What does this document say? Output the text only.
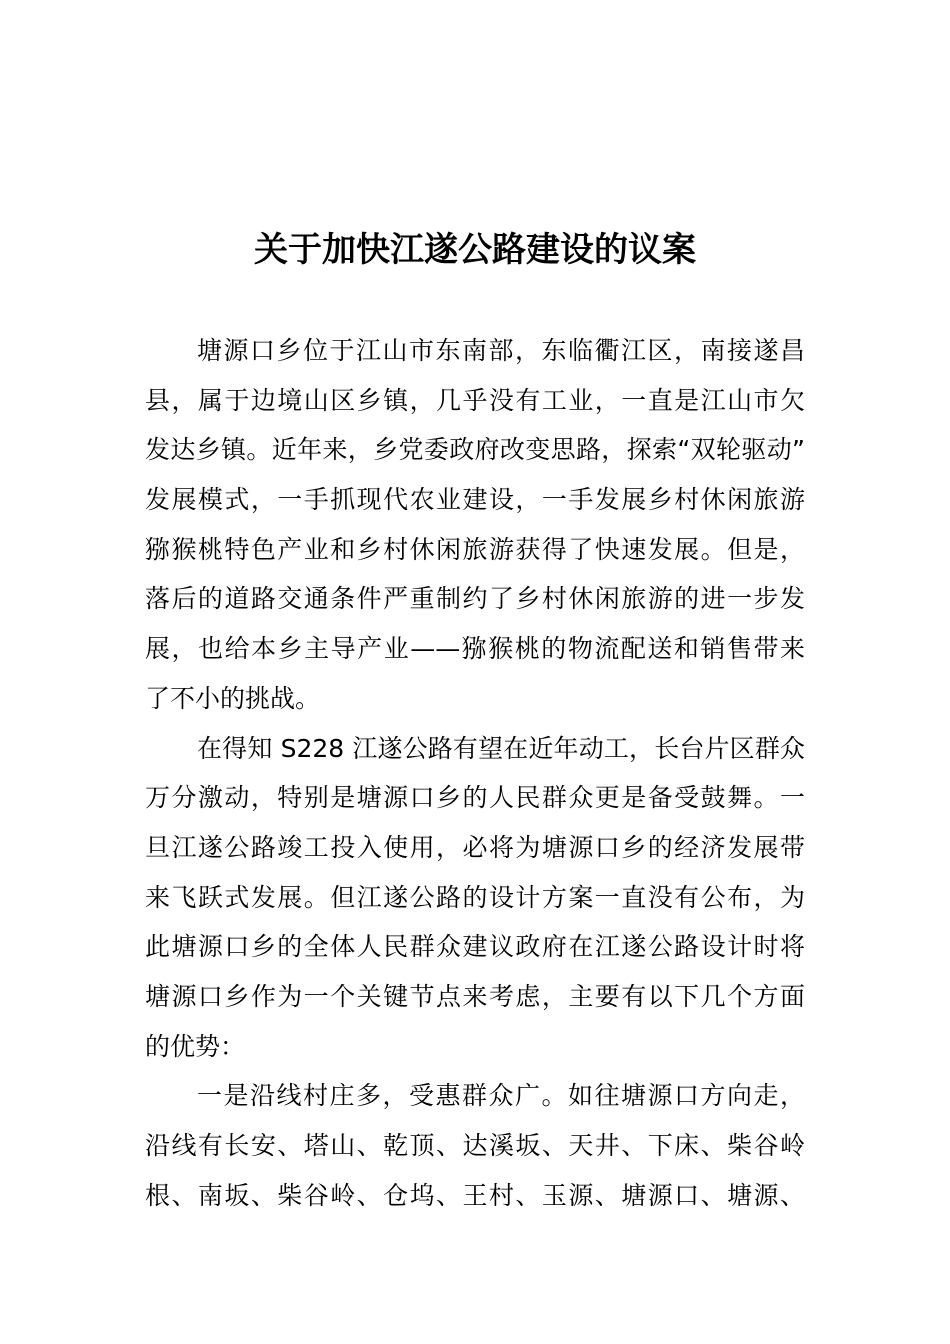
关于加快江遂公路建设的议案
塘源口乡位于江山市东南部，东临衢江区，南接遂昌
县，属于边境山区乡镇，几乎没有工业，一直是江山市欠
发达乡镇。近年来，乡党委政府改变思路，探索“双轮驱动”
发展模式，一手抓现代农业建设，一手发展乡村休闲旅游
猕猴桃特色产业和乡村休闲旅游获得了快速发展。但是，
落后的道路交通条件严重制约了乡村休闲旅游的进一步发
展，也给本乡主导产业——猕猴桃的物流配送和销售带来
了不小的挑战。
在得知 S228 江遂公路有望在近年动工，长台片区群众
万分激动，特别是塘源口乡的人民群众更是备受鼓舞。一
旦江遂公路竣工投入使用，必将为塘源口乡的经济发展带
来飞跃式发展。但江遂公路的设计方案一直没有公布，为
此塘源口乡的全体人民群众建议政府在江遂公路设计时将
塘源口乡作为一个关键节点来考虑，主要有以下几个方面
的优势：
一是沿线村庄多，受惠群众广。如往塘源口方向走，
沿线有长安、塔山、乾顶、达溪坂、天井、下床、柴谷岭
根、南坂、柴谷岭、仓坞、王村、玉源、塘源口、塘源、
